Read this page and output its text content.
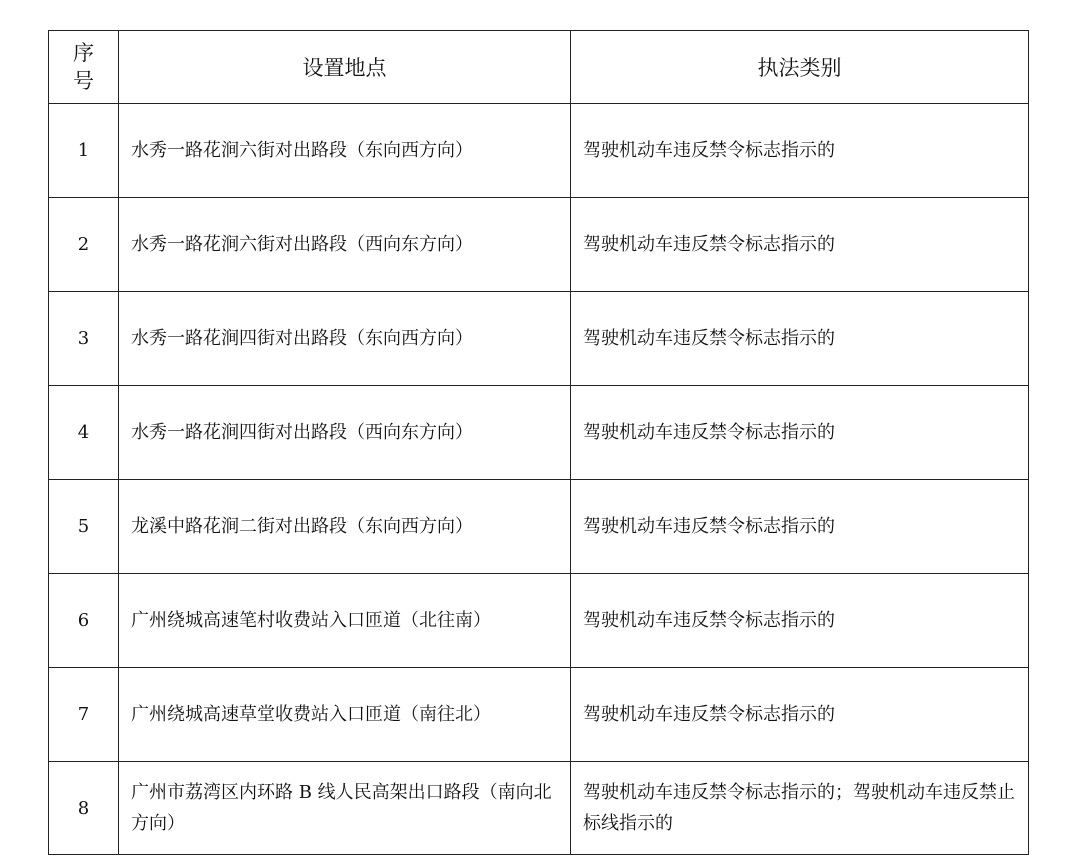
序号	设置地点	执法类别
1	水秀一路花涧六街对出路段（东向西方向）	驾驶机动车违反禁令标志指示的
2	水秀一路花涧六街对出路段（西向东方向）	驾驶机动车违反禁令标志指示的
3	水秀一路花涧四街对出路段（东向西方向）	驾驶机动车违反禁令标志指示的
4	水秀一路花涧四街对出路段（西向东方向）	驾驶机动车违反禁令标志指示的
5	龙溪中路花涧二街对出路段（东向西方向）	驾驶机动车违反禁令标志指示的
6	广州绕城高速笔村收费站入口匝道（北往南）	驾驶机动车违反禁令标志指示的
7	广州绕城高速草堂收费站入口匝道（南往北）	驾驶机动车违反禁令标志指示的
8	广州市荔湾区内环路 B 线人民高架出口路段（南向北方向）	驾驶机动车违反禁令标志指示的；驾驶机动车违反禁止标线指示的
